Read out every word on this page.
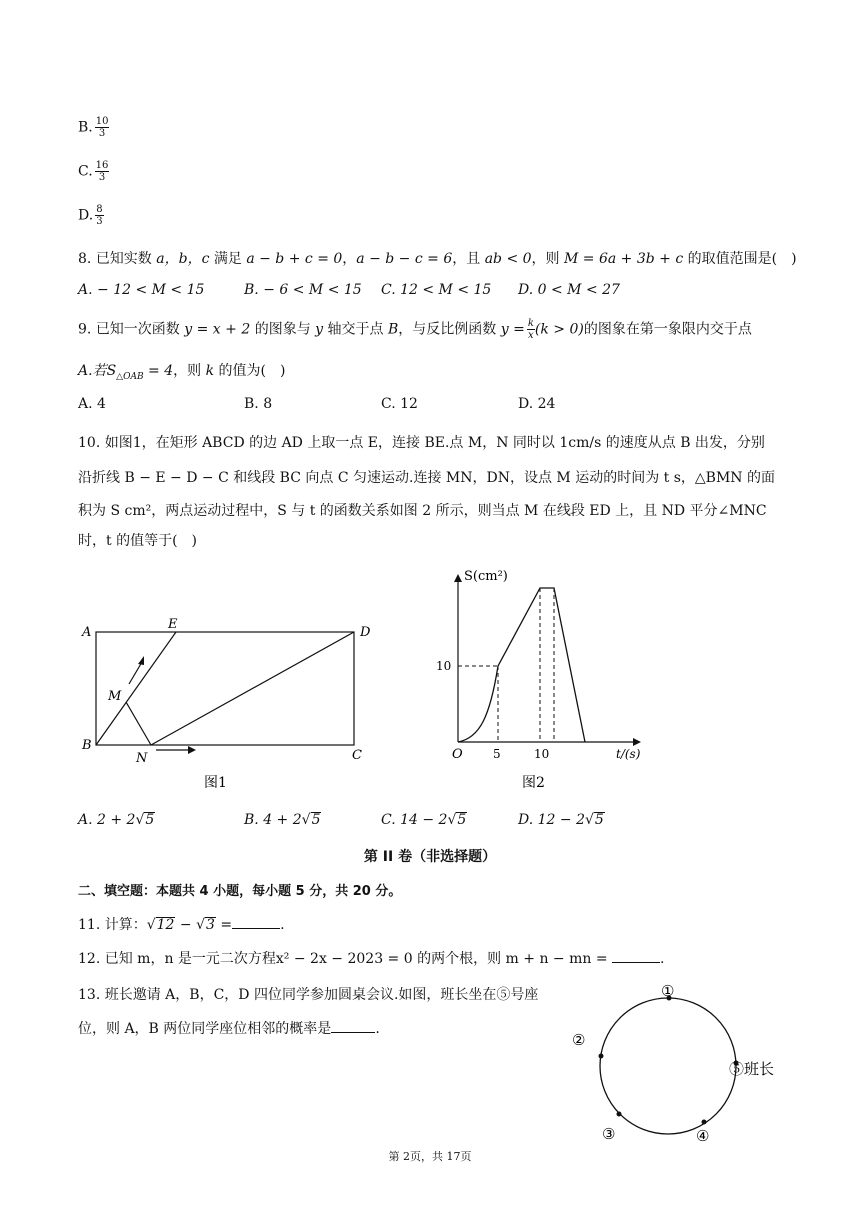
B. $\frac{10}{3}$
C. $\frac{16}{3}$
D. $\frac{8}{3}$
8. 已知实数 a，b，c 满足 a − b + c = 0，a − b − c = 6，且 ab < 0，则 M = 6a + 3b + c 的取值范围是(　)
A. − 12 < M < 15	B. − 6 < M < 15 C. 12 < M < 15 D. 0 < M < 27
9. 已知一次函数 y = x + 2 的图象与 y 轴交于点 B，与反比例函数 $y = \frac{k}{x} (k > 0)$的图象在第一象限内交于点
A.若$S_{\triangle OAB} = 4$，则 k 的值为(　)
A. 4	B. 8	C. 12	D. 24
10. 如图1，在矩形 ABCD 的边 AD 上取一点 E，连接 BE.点 M，N 同时以 1cm/s 的速度从点 B 出发，分别
沿折线 B − E − D − C 和线段 BC 向点 C 匀速运动.连接 MN，DN，设点 M 运动的时间为 t s，△BMN 的面
积为 S cm²，两点运动过程中，S 与 t 的函数关系如图 2 所示，则当点 M 在线段 ED 上，且 ND 平分∠MNC
时，t 的值等于(　)
A
E
D
M
B
N	C
图1
S(cm²)
10
O	5	10	t/(s)
图2
A. 2 + 2√5	B. 4 + 2√5	C. 14 − 2√5	D. 12 − 2√5
第 II 卷（非选择题）
二、填空题：本题共 4 小题，每小题 5 分，共 20 分。
11. 计算：√12 − √3 =	.
12. 已知 m，n 是一元二次方程x² − 2x − 2023 = 0 的两个根，则 m + n − mn =	.
13. 班长邀请 A，B，C，D 四位同学参加圆桌会议.如图，班长坐在⑤号座
位，则 A，B 两位同学座位相邻的概率是	.
①
②
③	④
⑤班长
第 2页，共 17页
